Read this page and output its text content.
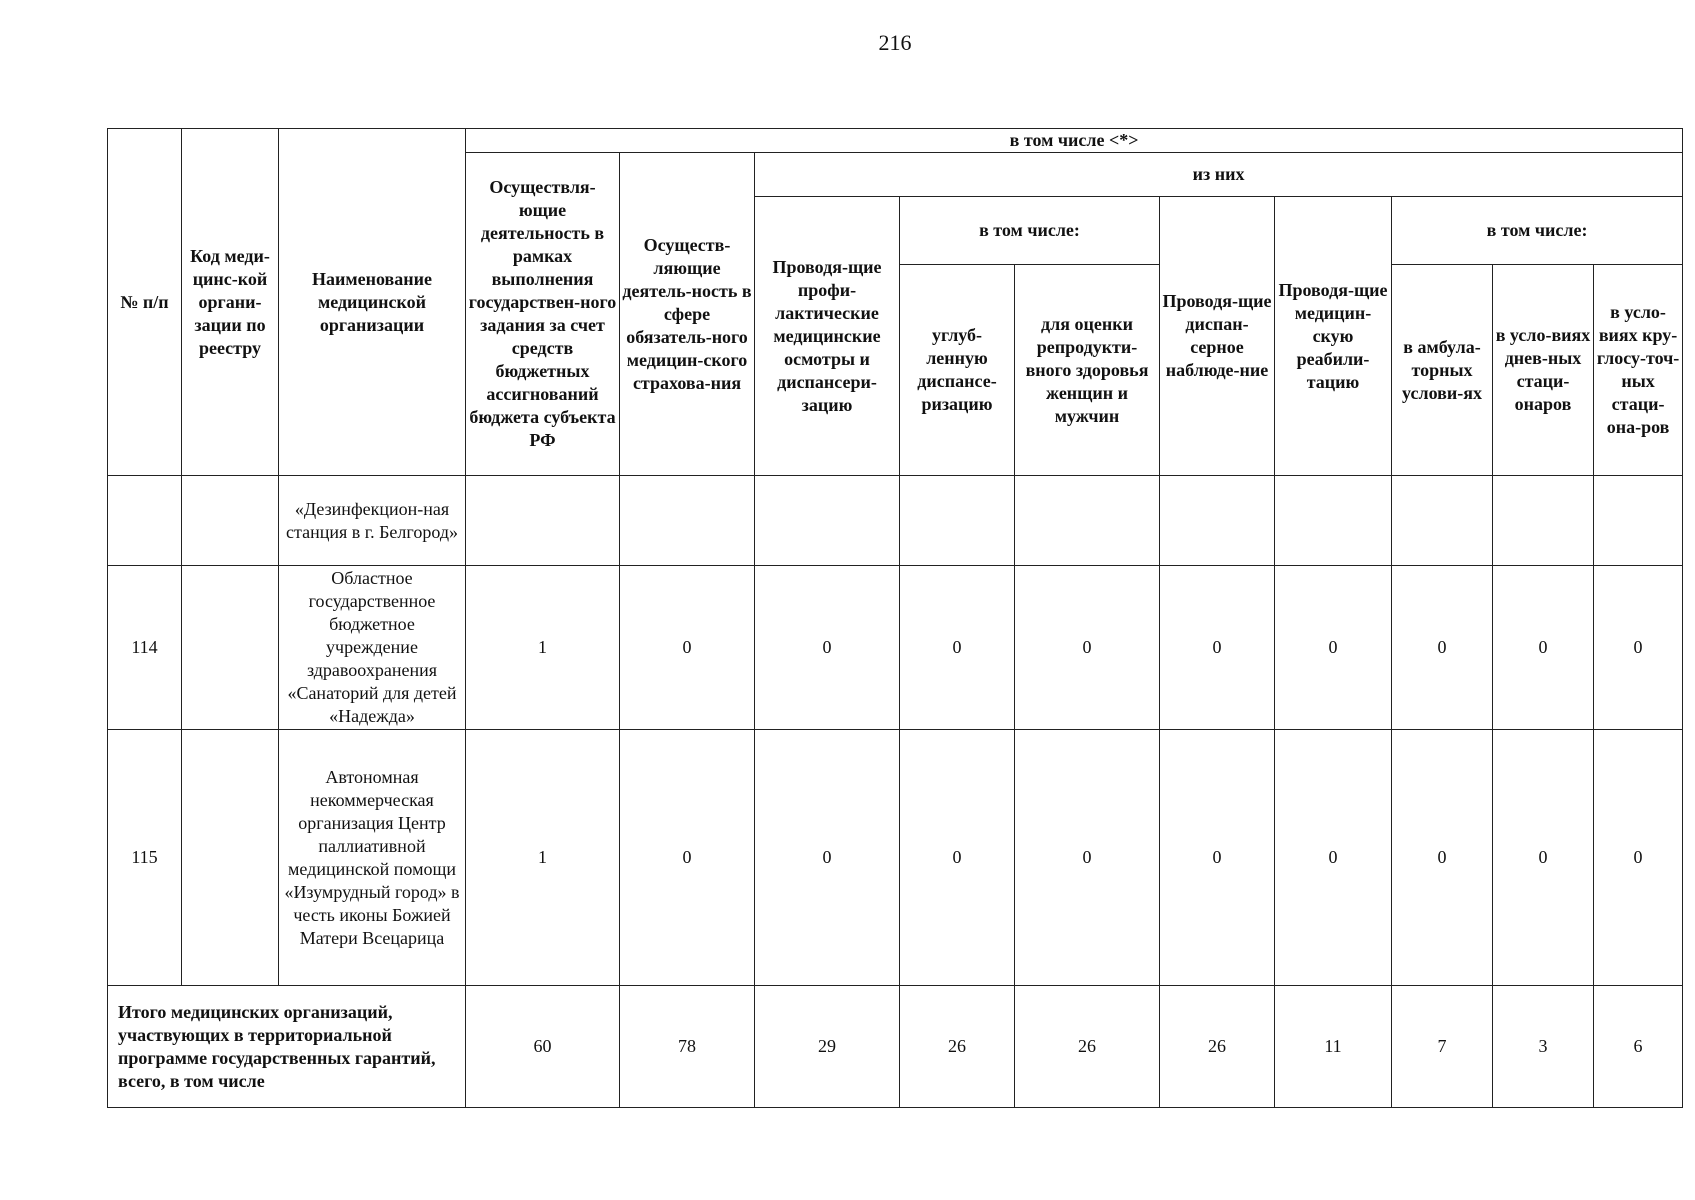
216
№ п/п	Код меди-цинс-кой органи-зации по реестру	Наименование медицинской организации	в том числе <*>									
			Осуществля-ющие деятельность в рамках выполнения государствен-ного задания за счет средств бюджетных ассигнований бюджета субъекта РФ	Осуществ-ляющие деятель-ность в сфере обязатель-ного медицин-ского страхова-ния	из них							
					Проводя-щие профи-лактические медицинские осмотры и диспансери-зацию	в том числе:		Проводя-щие диспан-серное наблюде-ние	Проводя-щие медицин-скую реабили-тацию	в том числе:		
						углуб-ленную диспансе-ризацию	для оценки репродукти-вного здоровья женщин и мужчин			в амбула-торных услови-ях	в усло-виях днев-ных стаци-онаров	в усло-виях кру-глосу-точ-ных стаци-она-ров
		«Дезинфекцион-ная станция в г. Белгород»										
114		Областное государственное бюджетное учреждение здравоохранения «Санаторий для детей «Надежда»	1	0	0	0	0	0	0	0	0	0
115		Автономная некоммерческая организация Центр паллиативной медицинской помощи «Изумрудный город» в честь иконы Божией Матери Всецарица	1	0	0	0	0	0	0	0	0	0
Итого медицинских организаций, участвующих в территориальной программе государственных гарантий, всего, в том числе			60	78	29	26	26	26	11	7	3	6
